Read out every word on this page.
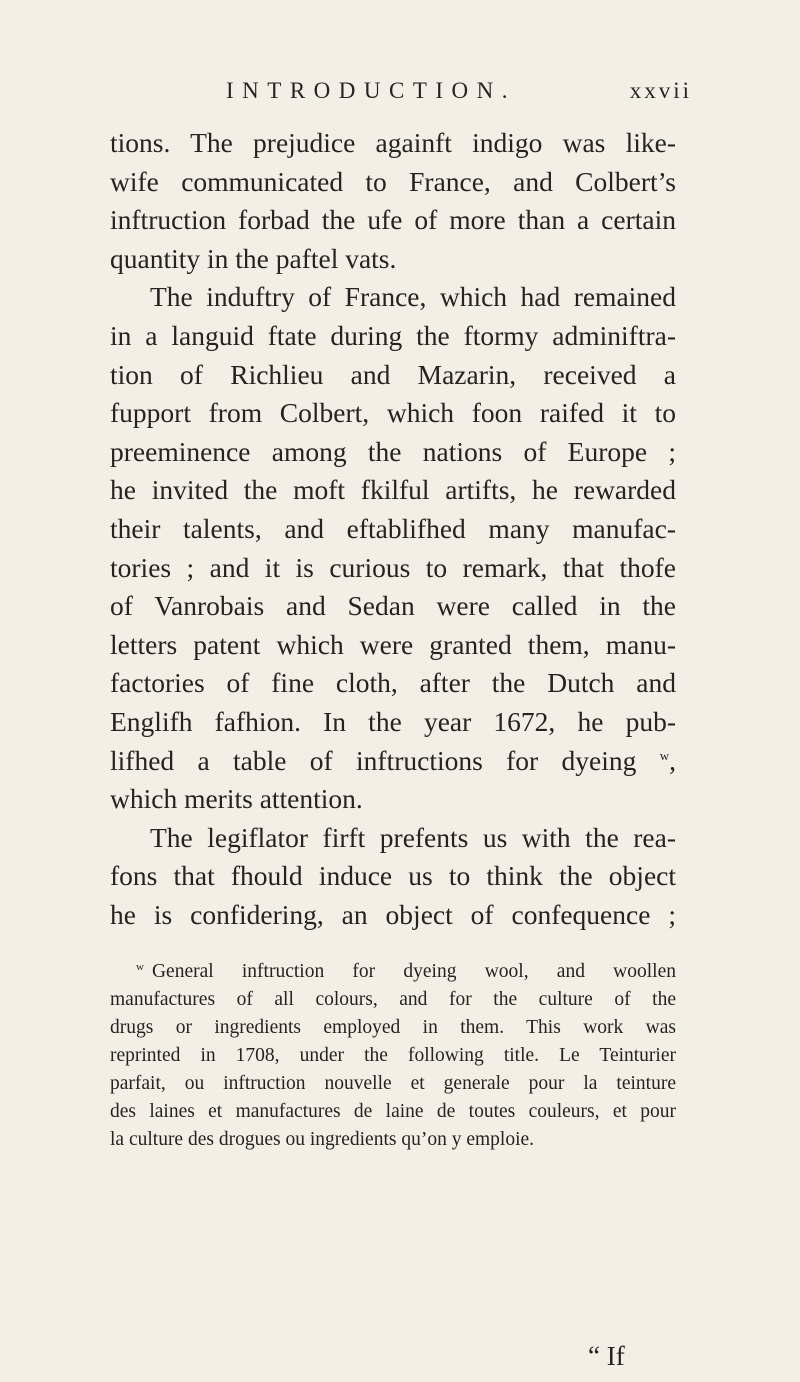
INTRODUCTION.	xxvii
tions. The prejudice againft indigo was like-
wife communicated to France, and Colbert’s
inftruction forbad the ufe of more than a certain
quantity in the paftel vats.
The induftry of France, which had remained
in a languid ftate during the ftormy adminiftra-
tion of Richlieu and Mazarin, received a
fupport from Colbert, which foon raifed it to
preeminence among the nations of Europe ;
he invited the moft fkilful artifts, he rewarded
their talents, and eftablifhed many manufac-
tories ; and it is curious to remark, that thofe
of Vanrobais and Sedan were called in the
letters patent which were granted them, manu-
factories of fine cloth, after the Dutch and
Englifh fafhion. In the year 1672, he pub-
lifhed a table of inftructions for dyeing $^w$,
which merits attention.
The legiflator firft prefents us with the rea-
fons that fhould induce us to think the object
he is confidering, an object of confequence ;
$^w$ General inftruction for dyeing wool, and woollen
manufactures of all colours, and for the culture of the
drugs or ingredients employed in them. This work was
reprinted in 1708, under the following title. Le Teinturier
parfait, ou inftruction nouvelle et generale pour la teinture
des laines et manufactures de laine de toutes couleurs, et pour
la culture des drogues ou ingredients qu’on y emploie.
“ If
